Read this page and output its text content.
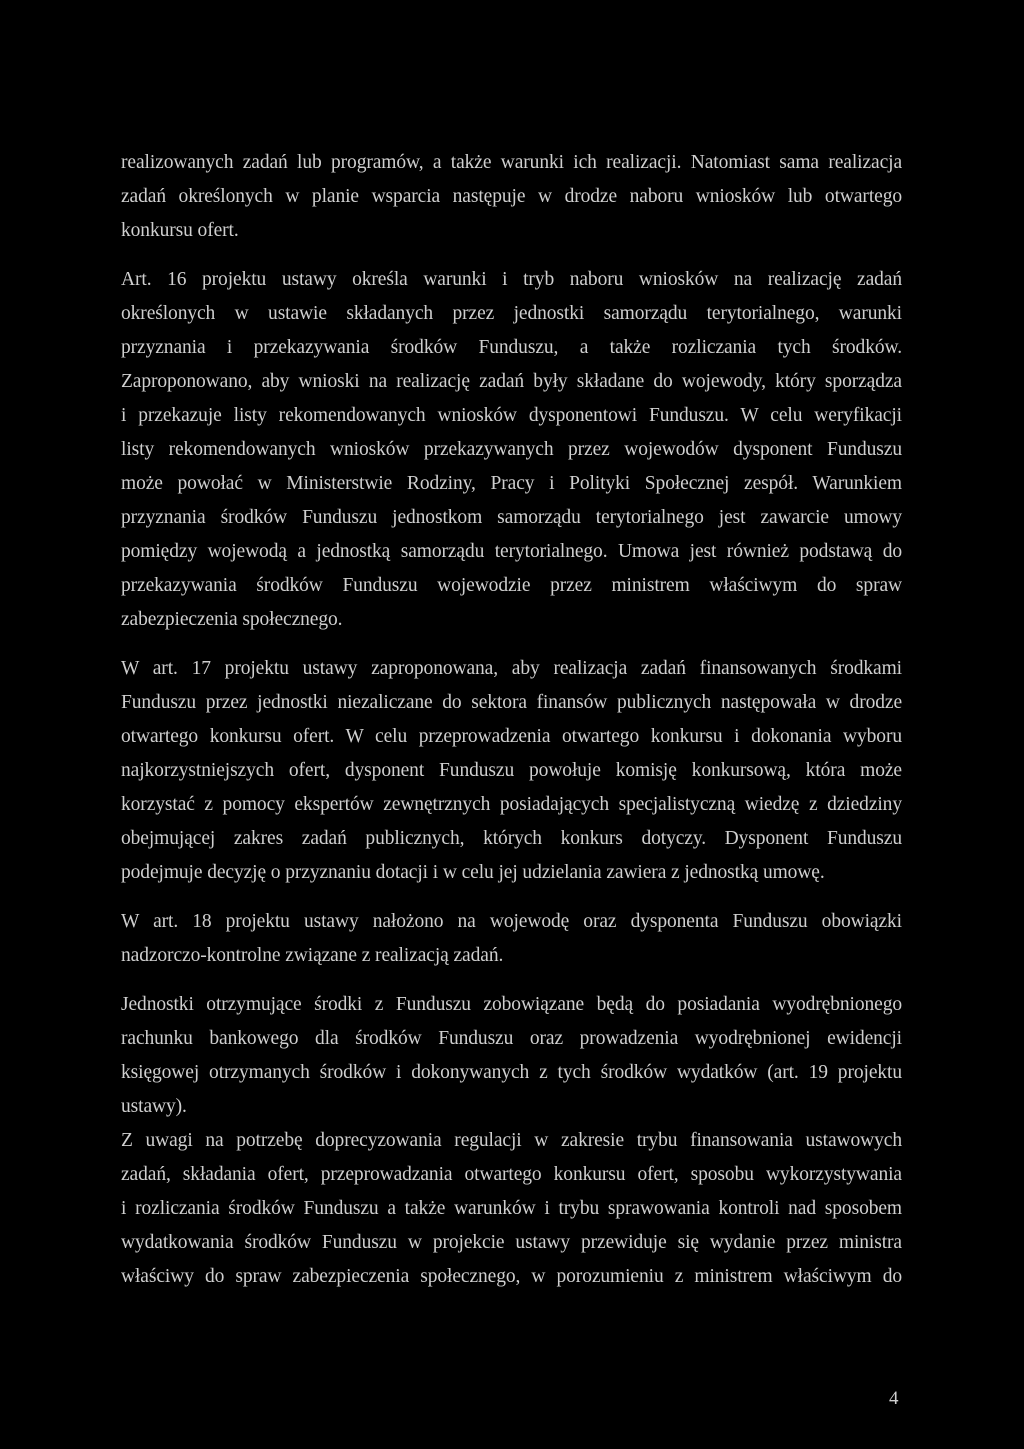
realizowanych zadań lub programów, a także warunki ich realizacji. Natomiast sama realizacja
zadań określonych w planie wsparcia następuje w drodze naboru wniosków lub otwartego
konkursu ofert.
Art. 16 projektu ustawy określa warunki i tryb naboru wniosków na realizację zadań
określonych w ustawie składanych przez jednostki samorządu terytorialnego, warunki
przyznania i przekazywania środków Funduszu, a także rozliczania tych środków.
Zaproponowano, aby wnioski na realizację zadań były składane do wojewody, który sporządza
i przekazuje listy rekomendowanych wniosków dysponentowi Funduszu. W celu weryfikacji
listy rekomendowanych wniosków przekazywanych przez wojewodów dysponent Funduszu
może powołać w Ministerstwie Rodziny, Pracy i Polityki Społecznej zespół. Warunkiem
przyznania środków Funduszu jednostkom samorządu terytorialnego jest zawarcie umowy
pomiędzy wojewodą a jednostką samorządu terytorialnego. Umowa jest również podstawą do
przekazywania środków Funduszu wojewodzie przez ministrem właściwym do spraw
zabezpieczenia społecznego.
W art. 17 projektu ustawy zaproponowana, aby realizacja zadań finansowanych środkami
Funduszu przez jednostki niezaliczane do sektora finansów publicznych następowała w drodze
otwartego konkursu ofert. W celu przeprowadzenia otwartego konkursu i dokonania wyboru
najkorzystniejszych ofert, dysponent Funduszu powołuje komisję konkursową, która może
korzystać z pomocy ekspertów zewnętrznych posiadających specjalistyczną wiedzę z dziedziny
obejmującej zakres zadań publicznych, których konkurs dotyczy. Dysponent Funduszu
podejmuje decyzję o przyznaniu dotacji i w celu jej udzielania zawiera z jednostką umowę.
W art. 18 projektu ustawy nałożono na wojewodę oraz dysponenta Funduszu obowiązki
nadzorczo-kontrolne związane z realizacją zadań.
Jednostki otrzymujące środki z Funduszu zobowiązane będą do posiadania wyodrębnionego
rachunku bankowego dla środków Funduszu oraz prowadzenia wyodrębnionej ewidencji
księgowej otrzymanych środków i dokonywanych z tych środków wydatków (art. 19 projektu
ustawy).
Z uwagi na potrzebę doprecyzowania regulacji w zakresie trybu finansowania ustawowych
zadań, składania ofert, przeprowadzania otwartego konkursu ofert, sposobu wykorzystywania
i rozliczania środków Funduszu a także warunków i trybu sprawowania kontroli nad sposobem
wydatkowania środków Funduszu w projekcie ustawy przewiduje się wydanie przez ministra
właściwy do spraw zabezpieczenia społecznego, w porozumieniu z ministrem właściwym do
4
